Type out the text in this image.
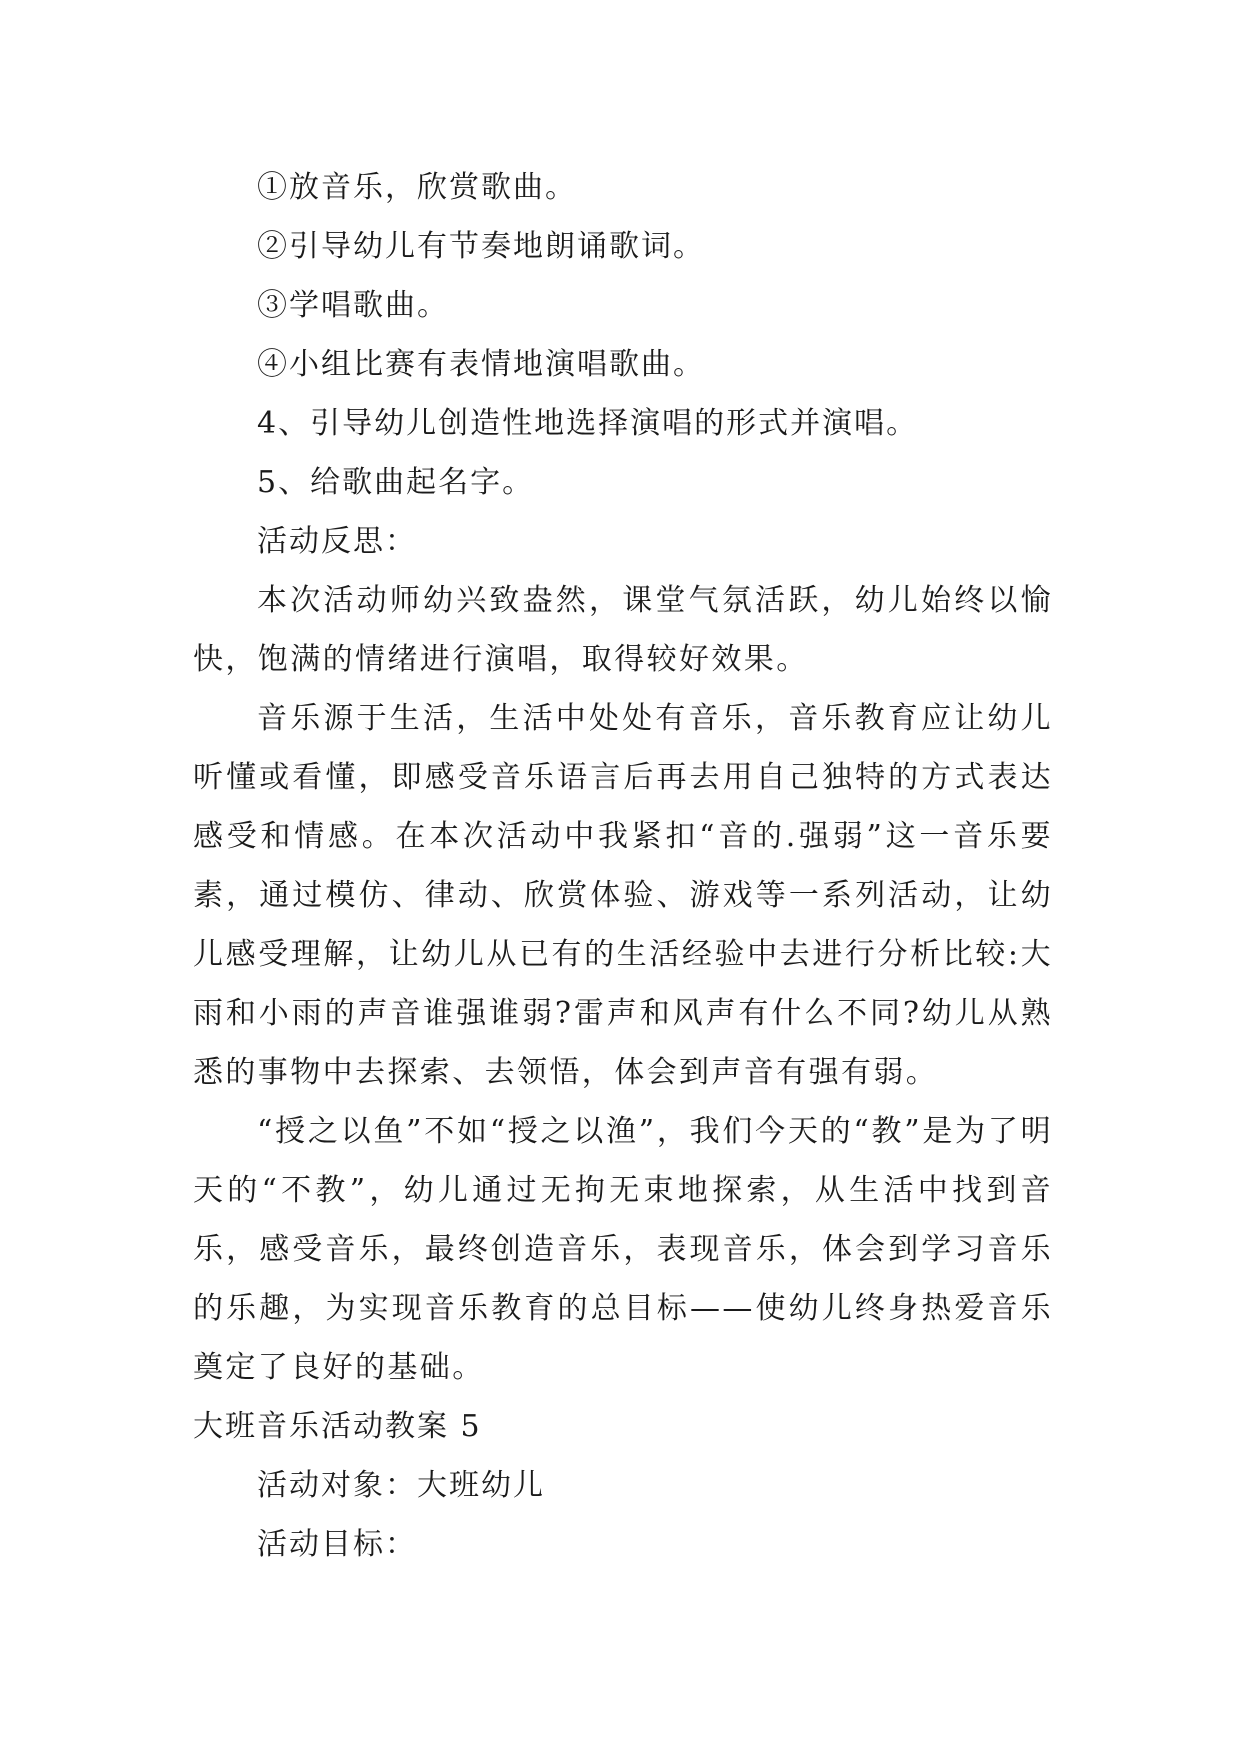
①放音乐，欣赏歌曲。
②引导幼儿有节奏地朗诵歌词。
③学唱歌曲。
④小组比赛有表情地演唱歌曲。
4、引导幼儿创造性地选择演唱的形式并演唱。
5、给歌曲起名字。
活动反思：

本次活动师幼兴致盎然，课堂气氛活跃，幼儿始终以愉快，饱满的情绪进行演唱，取得较好效果。

音乐源于生活，生活中处处有音乐，音乐教育应让幼儿听懂或看懂，即感受音乐语言后再去用自己独特的方式表达感受和情感。在本次活动中我紧扣“音的.强弱”这一音乐要素，通过模仿、律动、欣赏体验、游戏等一系列活动，让幼儿感受理解，让幼儿从已有的生活经验中去进行分析比较:大雨和小雨的声音谁强谁弱?雷声和风声有什么不同?幼儿从熟悉的事物中去探索、去领悟，体会到声音有强有弱。

“授之以鱼”不如“授之以渔”，我们今天的“教”是为了明天的“不教”，幼儿通过无拘无束地探索，从生活中找到音乐，感受音乐，最终创造音乐，表现音乐，体会到学习音乐的乐趣，为实现音乐教育的总目标——使幼儿终身热爱音乐奠定了良好的基础。

大班音乐活动教案 5
活动对象：大班幼儿
活动目标：
